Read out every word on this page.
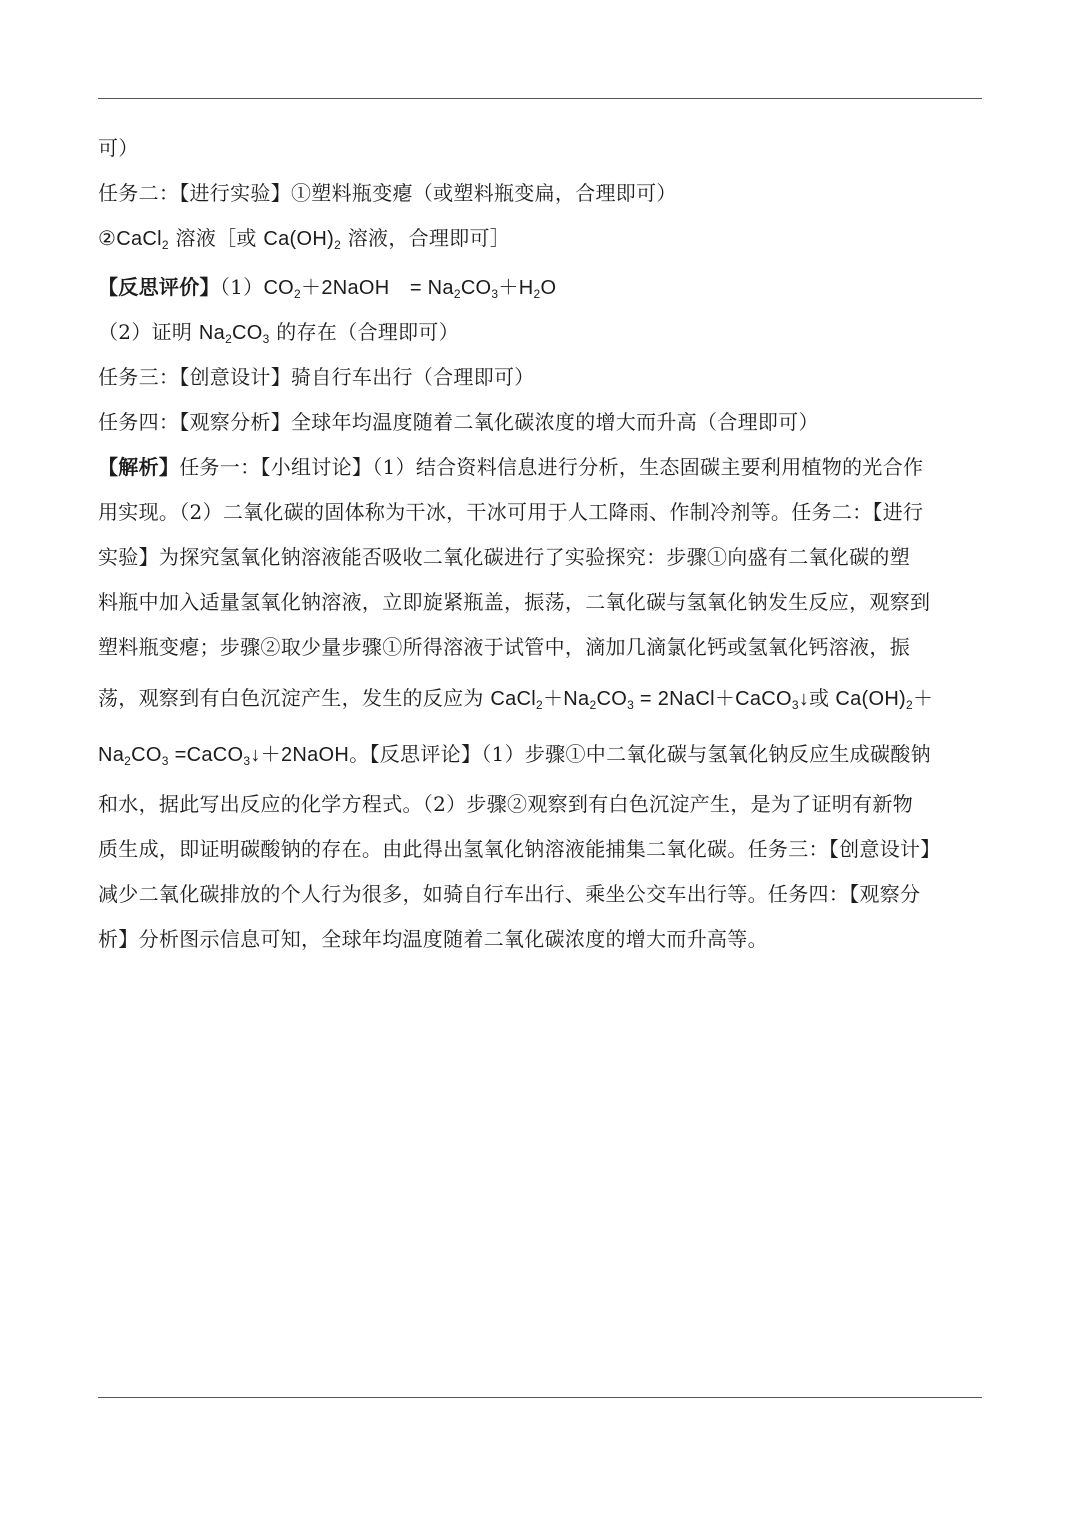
可）
任务二：【进行实验】①塑料瓶变瘪（或塑料瓶变扁，合理即可）
②CaCl$_2$ 溶液［或 $Ca(OH)_2$ 溶液，合理即可］
【反思评价】$(1)CO_2+2NaOH$　= $Na_2CO_3+H_2O$
（2）证明 $Na_2CO_3$ 的存在（合理即可）
任务三：【创意设计】骑自行车出行（合理即可）
任务四：【观察分析】全球年均温度随着二氧化碳浓度的增大而升高（合理即可）
【解析】任务一：【小组讨论】（1）结合资料信息进行分析，生态固碳主要利用植物的光合作
用实现。（2）二氧化碳的固体称为干冰，干冰可用于人工降雨、作制冷剂等。任务二：【进行
实验】为探究氢氧化钠溶液能否吸收二氧化碳进行了实验探究：步骤①向盛有二氧化碳的塑
料瓶中加入适量氢氧化钠溶液，立即旋紧瓶盖，振荡，二氧化碳与氢氧化钠发生反应，观察到
塑料瓶变瘪；步骤②取少量步骤①所得溶液于试管中，滴加几滴氯化钙或氢氧化钙溶液，振
荡，观察到有白色沉淀产生，发生的反应为 $CaCl_2+Na_2CO_3$ = 2NaCl＋CaCO$_3$↓或 $Ca(OH)_2+$
$Na_2CO_3$ =CaCO$_3$↓＋2NaOH。【反思评论】（1）步骤①中二氧化碳与氢氧化钠反应生成碳酸钠
和水，据此写出反应的化学方程式。（2）步骤②观察到有白色沉淀产生，是为了证明有新物
质生成，即证明碳酸钠的存在。由此得出氢氧化钠溶液能捕集二氧化碳。任务三：【创意设计】
减少二氧化碳排放的个人行为很多，如骑自行车出行、乘坐公交车出行等。任务四：【观察分
析】分析图示信息可知，全球年均温度随着二氧化碳浓度的增大而升高等。
